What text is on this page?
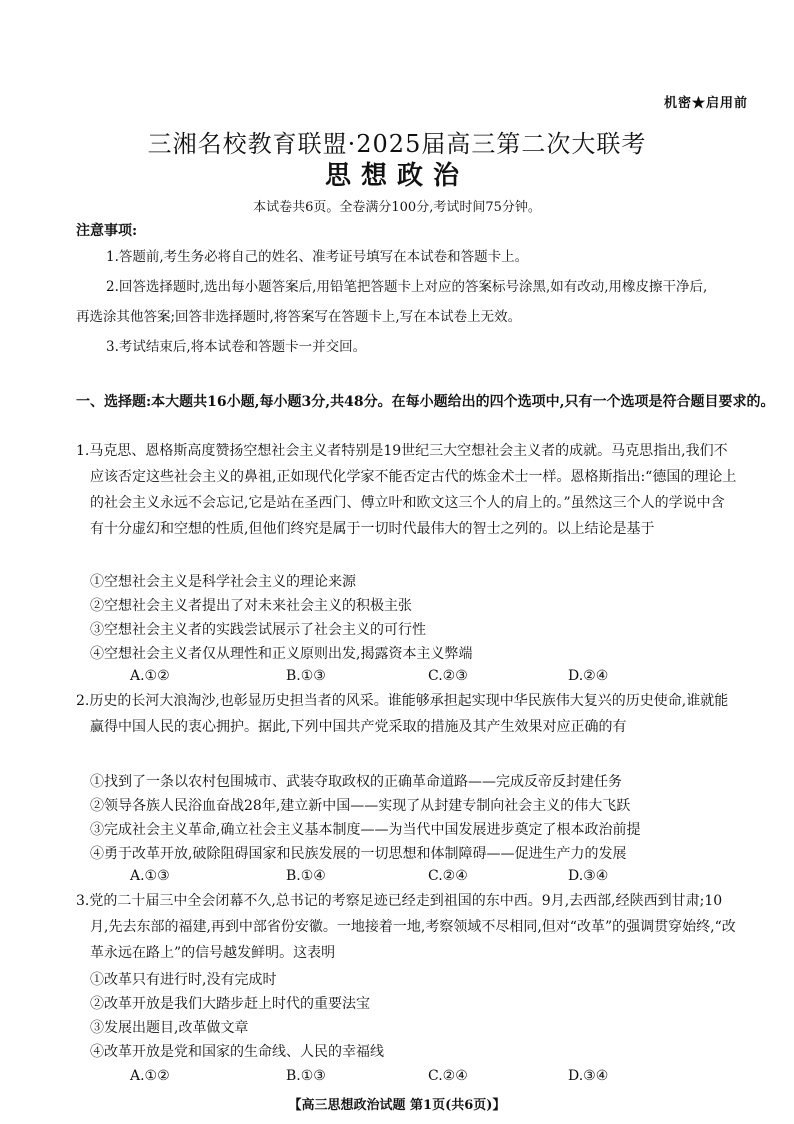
机密★启用前
三湘名校教育联盟·2025届高三第二次大联考
思想政治
本试卷共6页。全卷满分100分,考试时间75分钟。
注意事项:
1.答题前,考生务必将自己的姓名、准考证号填写在本试卷和答题卡上。
2.回答选择题时,选出每小题答案后,用铅笔把答题卡上对应的答案标号涂黑,如有改动,用橡皮擦干净后,再选涂其他答案;回答非选择题时,将答案写在答题卡上,写在本试卷上无效。
3.考试结束后,将本试卷和答题卡一并交回。
一、选择题:本大题共16小题,每小题3分,共48分。在每小题给出的四个选项中,只有一个选项是符合题目要求的。
1.马克思、恩格斯高度赞扬空想社会主义者特别是19世纪三大空想社会主义者的成就。马克思指出,我们不应该否定这些社会主义的鼻祖,正如现代化学家不能否定古代的炼金术士一样。恩格斯指出:“德国的理论上的社会主义永远不会忘记,它是站在圣西门、傅立叶和欧文这三个人的肩上的。”虽然这三个人的学说中含有十分虚幻和空想的性质,但他们终究是属于一切时代最伟大的智士之列的。以上结论是基于
①空想社会主义是科学社会主义的理论来源
②空想社会主义者提出了对未来社会主义的积极主张
③空想社会主义者的实践尝试展示了社会主义的可行性
④空想社会主义者仅从理性和正义原则出发,揭露资本主义弊端
A.①②	B.①③	C.②③	D.②④
2.历史的长河大浪淘沙,也彰显历史担当者的风采。谁能够承担起实现中华民族伟大复兴的历史使命,谁就能赢得中国人民的衷心拥护。据此,下列中国共产党采取的措施及其产生效果对应正确的有
①找到了一条以农村包围城市、武装夺取政权的正确革命道路——完成反帝反封建任务
②领导各族人民浴血奋战28年,建立新中国——实现了从封建专制向社会主义的伟大飞跃
③完成社会主义革命,确立社会主义基本制度——为当代中国发展进步奠定了根本政治前提
④勇于改革开放,破除阻碍国家和民族发展的一切思想和体制障碍——促进生产力的发展
A.①③	B.①④	C.②④	D.③④
3.党的二十届三中全会闭幕不久,总书记的考察足迹已经走到祖国的东中西。9月,去西部,经陕西到甘肃;10月,先去东部的福建,再到中部省份安徽。一地接着一地,考察领域不尽相同,但对“改革”的强调贯穿始终,“改革永远在路上”的信号越发鲜明。这表明
①改革只有进行时,没有完成时
②改革开放是我们大踏步赶上时代的重要法宝
③发展出题目,改革做文章
④改革开放是党和国家的生命线、人民的幸福线
A.①②	B.①③	C.②④	D.③④
【高三思想政治试题 第1页(共6页)】
